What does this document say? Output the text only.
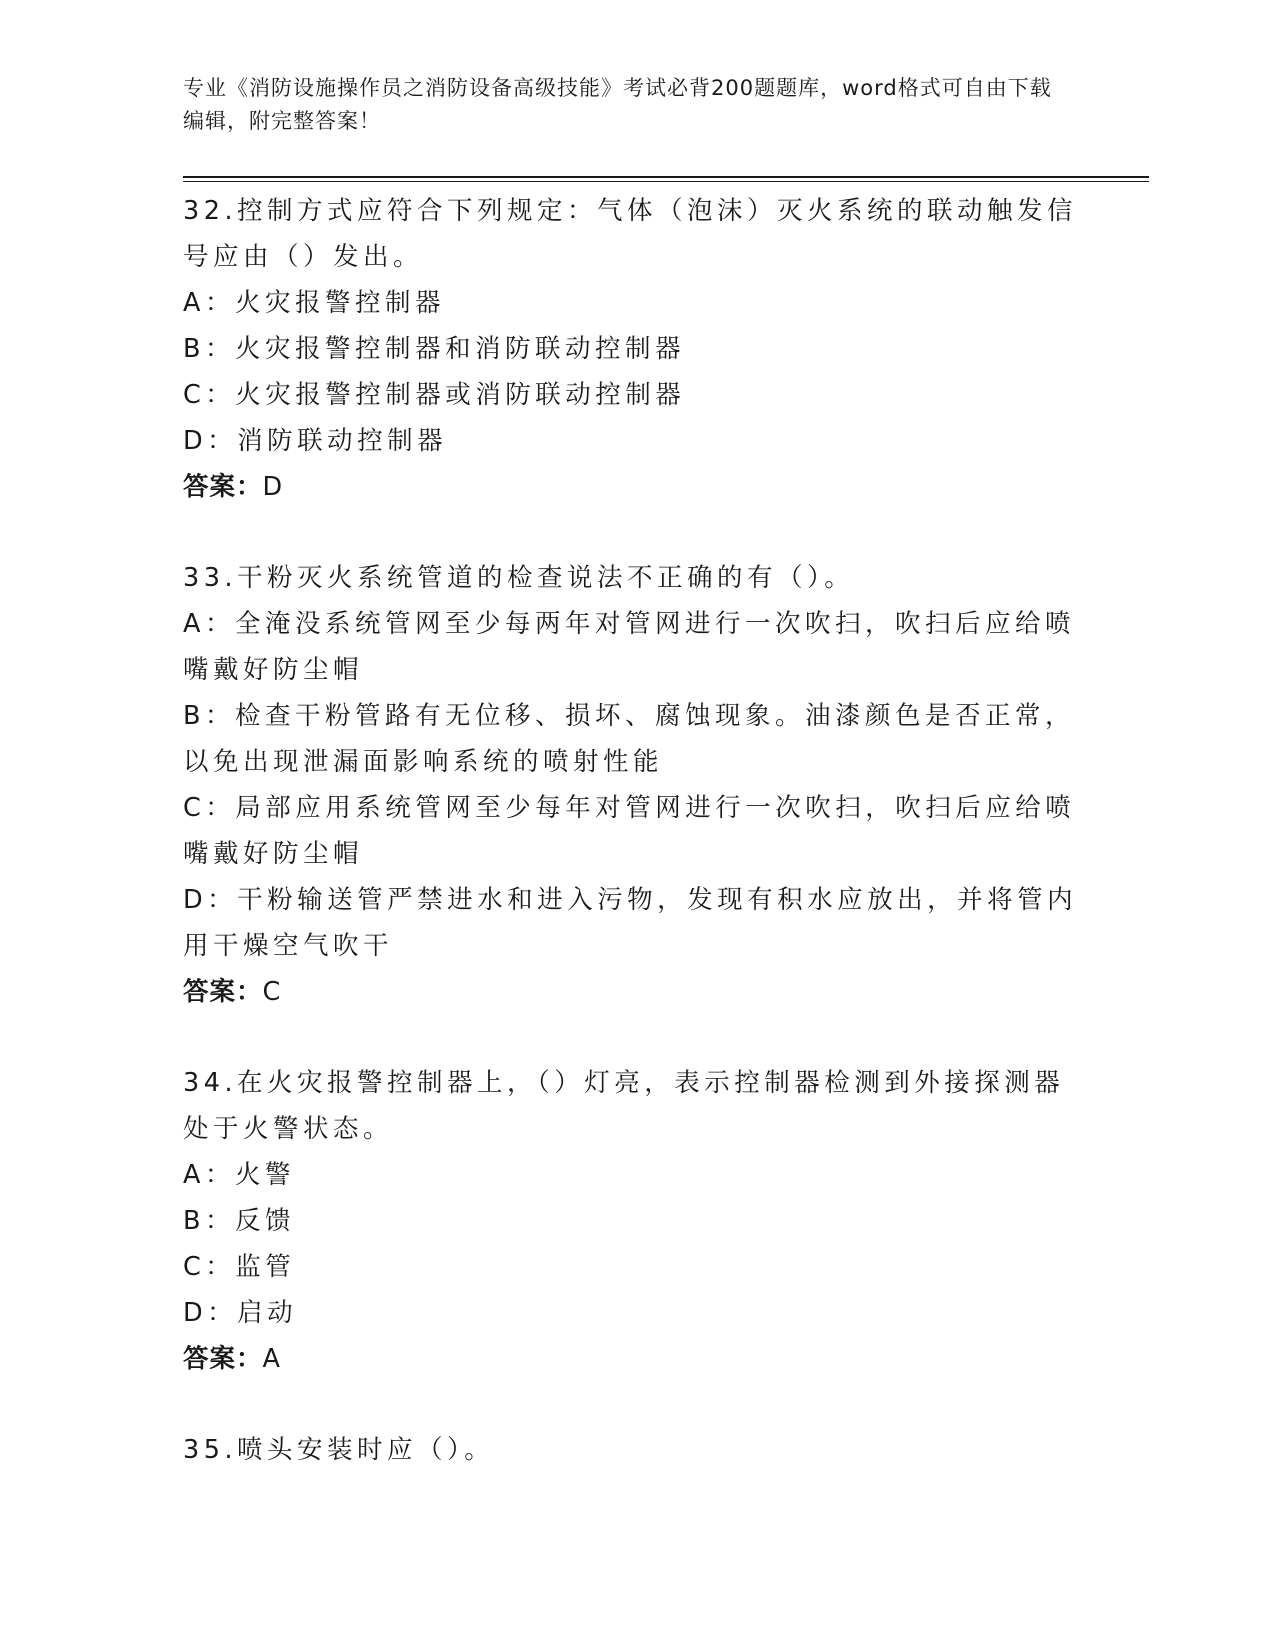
专业《消防设施操作员之消防设备高级技能》考试必背200题题库，word格式可自由下载编辑，附完整答案！
32.控制方式应符合下列规定：气体（泡沫）灭火系统的联动触发信号应由（）发出。
A：火灾报警控制器
B：火灾报警控制器和消防联动控制器
C：火灾报警控制器或消防联动控制器
D：消防联动控制器
答案：D
33.干粉灭火系统管道的检查说法不正确的有（）。
A：全淹没系统管网至少每两年对管网进行一次吹扫，吹扫后应给喷嘴戴好防尘帽
B：检查干粉管路有无位移、损坏、腐蚀现象。油漆颜色是否正常，以免出现泄漏面影响系统的喷射性能
C：局部应用系统管网至少每年对管网进行一次吹扫，吹扫后应给喷嘴戴好防尘帽
D：干粉输送管严禁进水和进入污物，发现有积水应放出，并将管内用干燥空气吹干
答案：C
34.在火灾报警控制器上，（）灯亮，表示控制器检测到外接探测器处于火警状态。
A：火警
B：反馈
C：监管
D：启动
答案：A
35.喷头安装时应（）。
